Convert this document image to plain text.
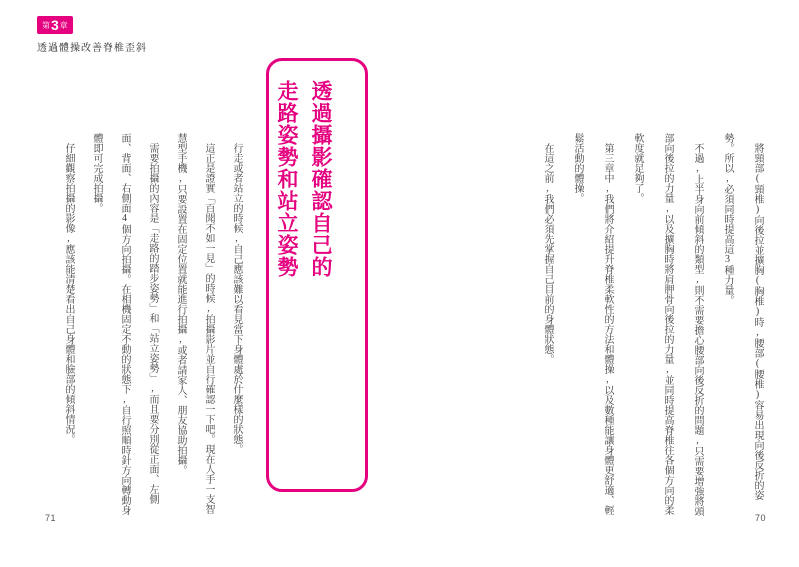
第 3 章
透過體操改善脊椎歪斜
透過攝影確認自己的
走路姿勢和站立姿勢	將頸部(頸椎)向後拉並擴胸(胸椎)時,腰部(腰椎)容易出現向後反折的姿勢。所以,必須同時提高這3種力量。

不過,上半身向前傾斜的類型,則不需要擔心腰部向後反折的問題,只需要增強將頭部向後拉的力量,以及擴胸時將肩胛骨向後拉的力量,並同時提高脊椎往各個方向的柔軟度就足夠了。

第三章中,我們將介紹提升脊椎柔軟性的方法和體操,以及數種能讓身體更舒適、輕鬆活動的體操。

在這之前,我們必須先掌握自己目前的身體狀態。

行走或者站立的時候,自己應該難以看見當下身體處於什麼樣的狀態。

這正是證實「百聞不如一見」的時候,拍攝影片並自行確認一下吧。現在人手一支智慧型手機,只要設置在固定位置就能進行拍攝,或者請家人、朋友協助拍攝。

需要拍攝的內容是「走路的踏步姿勢」和「站立姿勢」,而且要分別從正面、左側面、背面、右側面4個方向拍攝。在相機固定不動的狀態下,自行照順時針方向轉動身體即可完成拍攝。

仔細觀察拍攝的影像,應該能清楚看出自己身體和臉部的傾斜情況。

71	70
